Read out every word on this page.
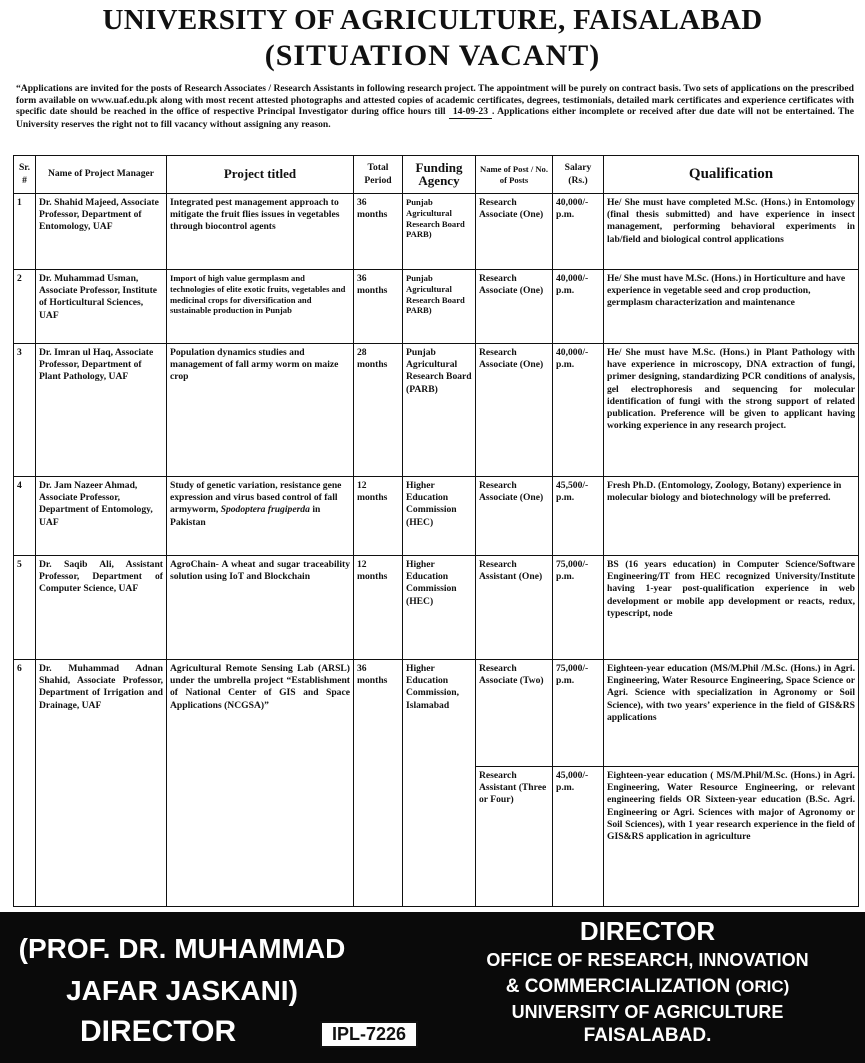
UNIVERSITY OF AGRICULTURE, FAISALABAD
(SITUATION VACANT)
“Applications are invited for the posts of Research Associates / Research Assistants in following research project. The appointment will be purely on contract basis. Two sets of applications on the prescribed form available on www.uaf.edu.pk along with most recent attested photographs and attested copies of academic certificates, degrees, testimonials, detailed mark certificates and experience certificates with specific date should be reached in the office of respective Principal Investigator during office hours till 14-09-23 . Applications either incomplete or received after due date will not be entertained. The University reserves the right not to fill vacancy without assigning any reason.
Sr. #	Name of Project Manager	Project titled	Total Period	Funding Agency	Name of Post / No. of Posts	Salary (Rs.)	Qualification
1	Dr. Shahid Majeed, Associate Professor, Department of Entomology, UAF	Integrated pest management approach to mitigate the fruit flies issues in vegetables through biocontrol agents	36 months	Punjab Agricultural Research Board PARB)	Research Associate (One)	40,000/- p.m.	He/ She must have completed M.Sc. (Hons.) in Entomology (final thesis submitted) and have experience in insect management, performing behavioral experiments in lab/field and biological control applications
2	Dr. Muhammad Usman, Associate Professor, Institute of Horticultural Sciences, UAF	Import of high value germplasm and technologies of elite exotic fruits, vegetables and medicinal crops for diversification and sustainable production in Punjab	36 months	Punjab Agricultural Research Board PARB)	Research Associate (One)	40,000/- p.m.	He/ She must have M.Sc. (Hons.) in Horticulture and have experience in vegetable seed and crop production, germplasm characterization and maintenance
3	Dr. Imran ul Haq, Associate Professor, Department of Plant Pathology, UAF	Population dynamics studies and management of fall army worm on maize crop	28 months	Punjab Agricultural Research Board (PARB)	Research Associate (One)	40,000/- p.m.	He/ She must have M.Sc. (Hons.) in Plant Pathology with have experience in microscopy, DNA extraction of fungi, primer designing, standardizing PCR conditions of analysis, gel electrophoresis and sequencing for molecular identification of fungi with the strong support of related publication. Preference will be given to applicant having working experience in any research project.
4	Dr. Jam Nazeer Ahmad, Associate Professor, Department of Entomology, UAF	Study of genetic variation, resistance gene expression and virus based control of fall armyworm, Spodoptera frugiperda in Pakistan	12 months	Higher Education Commission (HEC)	Research Associate (One)	45,500/- p.m.	Fresh Ph.D. (Entomology, Zoology, Botany) experience in molecular biology and biotechnology will be preferred.
5	Dr. Saqib Ali, Assistant Professor, Department of Computer Science, UAF	AgroChain- A wheat and sugar traceability solution using IoT and Blockchain	12 months	Higher Education Commission (HEC)	Research Assistant (One)	75,000/- p.m.	BS (16 years education) in Computer Science/Software Engineering/IT from HEC recognized University/Institute having 1-year post-qualification experience in web development or mobile app development or reacts, redux, typescript, node
6	Dr. Muhammad Adnan Shahid, Associate Professor, Department of Irrigation and Drainage, UAF	Agricultural Remote Sensing Lab (ARSL) under the umbrella project “Establishment of National Center of GIS and Space Applications (NCGSA)”	36 months	Higher Education Commission, Islamabad	Research Associate (Two)	75,000/- p.m.	Eighteen-year education (MS/M.Phil /M.Sc. (Hons.) in Agri. Engineering, Water Resource Engineering, Space Science or Agri. Science with specialization in Agronomy or Soil Science), with two years’ experience in the field of GIS&RS applications
					Research Assistant (Three or Four)	45,000/- p.m.	Eighteen-year education ( MS/M.Phil/M.Sc. (Hons.) in Agri. Engineering, Water Resource Engineering, or relevant engineering fields OR Sixteen-year education (B.Sc. Agri. Engineering or Agri. Sciences with major of Agronomy or Soil Sciences), with 1 year research experience in the field of GIS&RS application in agriculture
(PROF. DR. MUHAMMAD
JAFAR JASKANI)
DIRECTOR	IPL-7226
DIRECTOR
OFFICE OF RESEARCH, INNOVATION
& COMMERCIALIZATION (ORIC)
UNIVERSITY OF AGRICULTURE
FAISALABAD.
